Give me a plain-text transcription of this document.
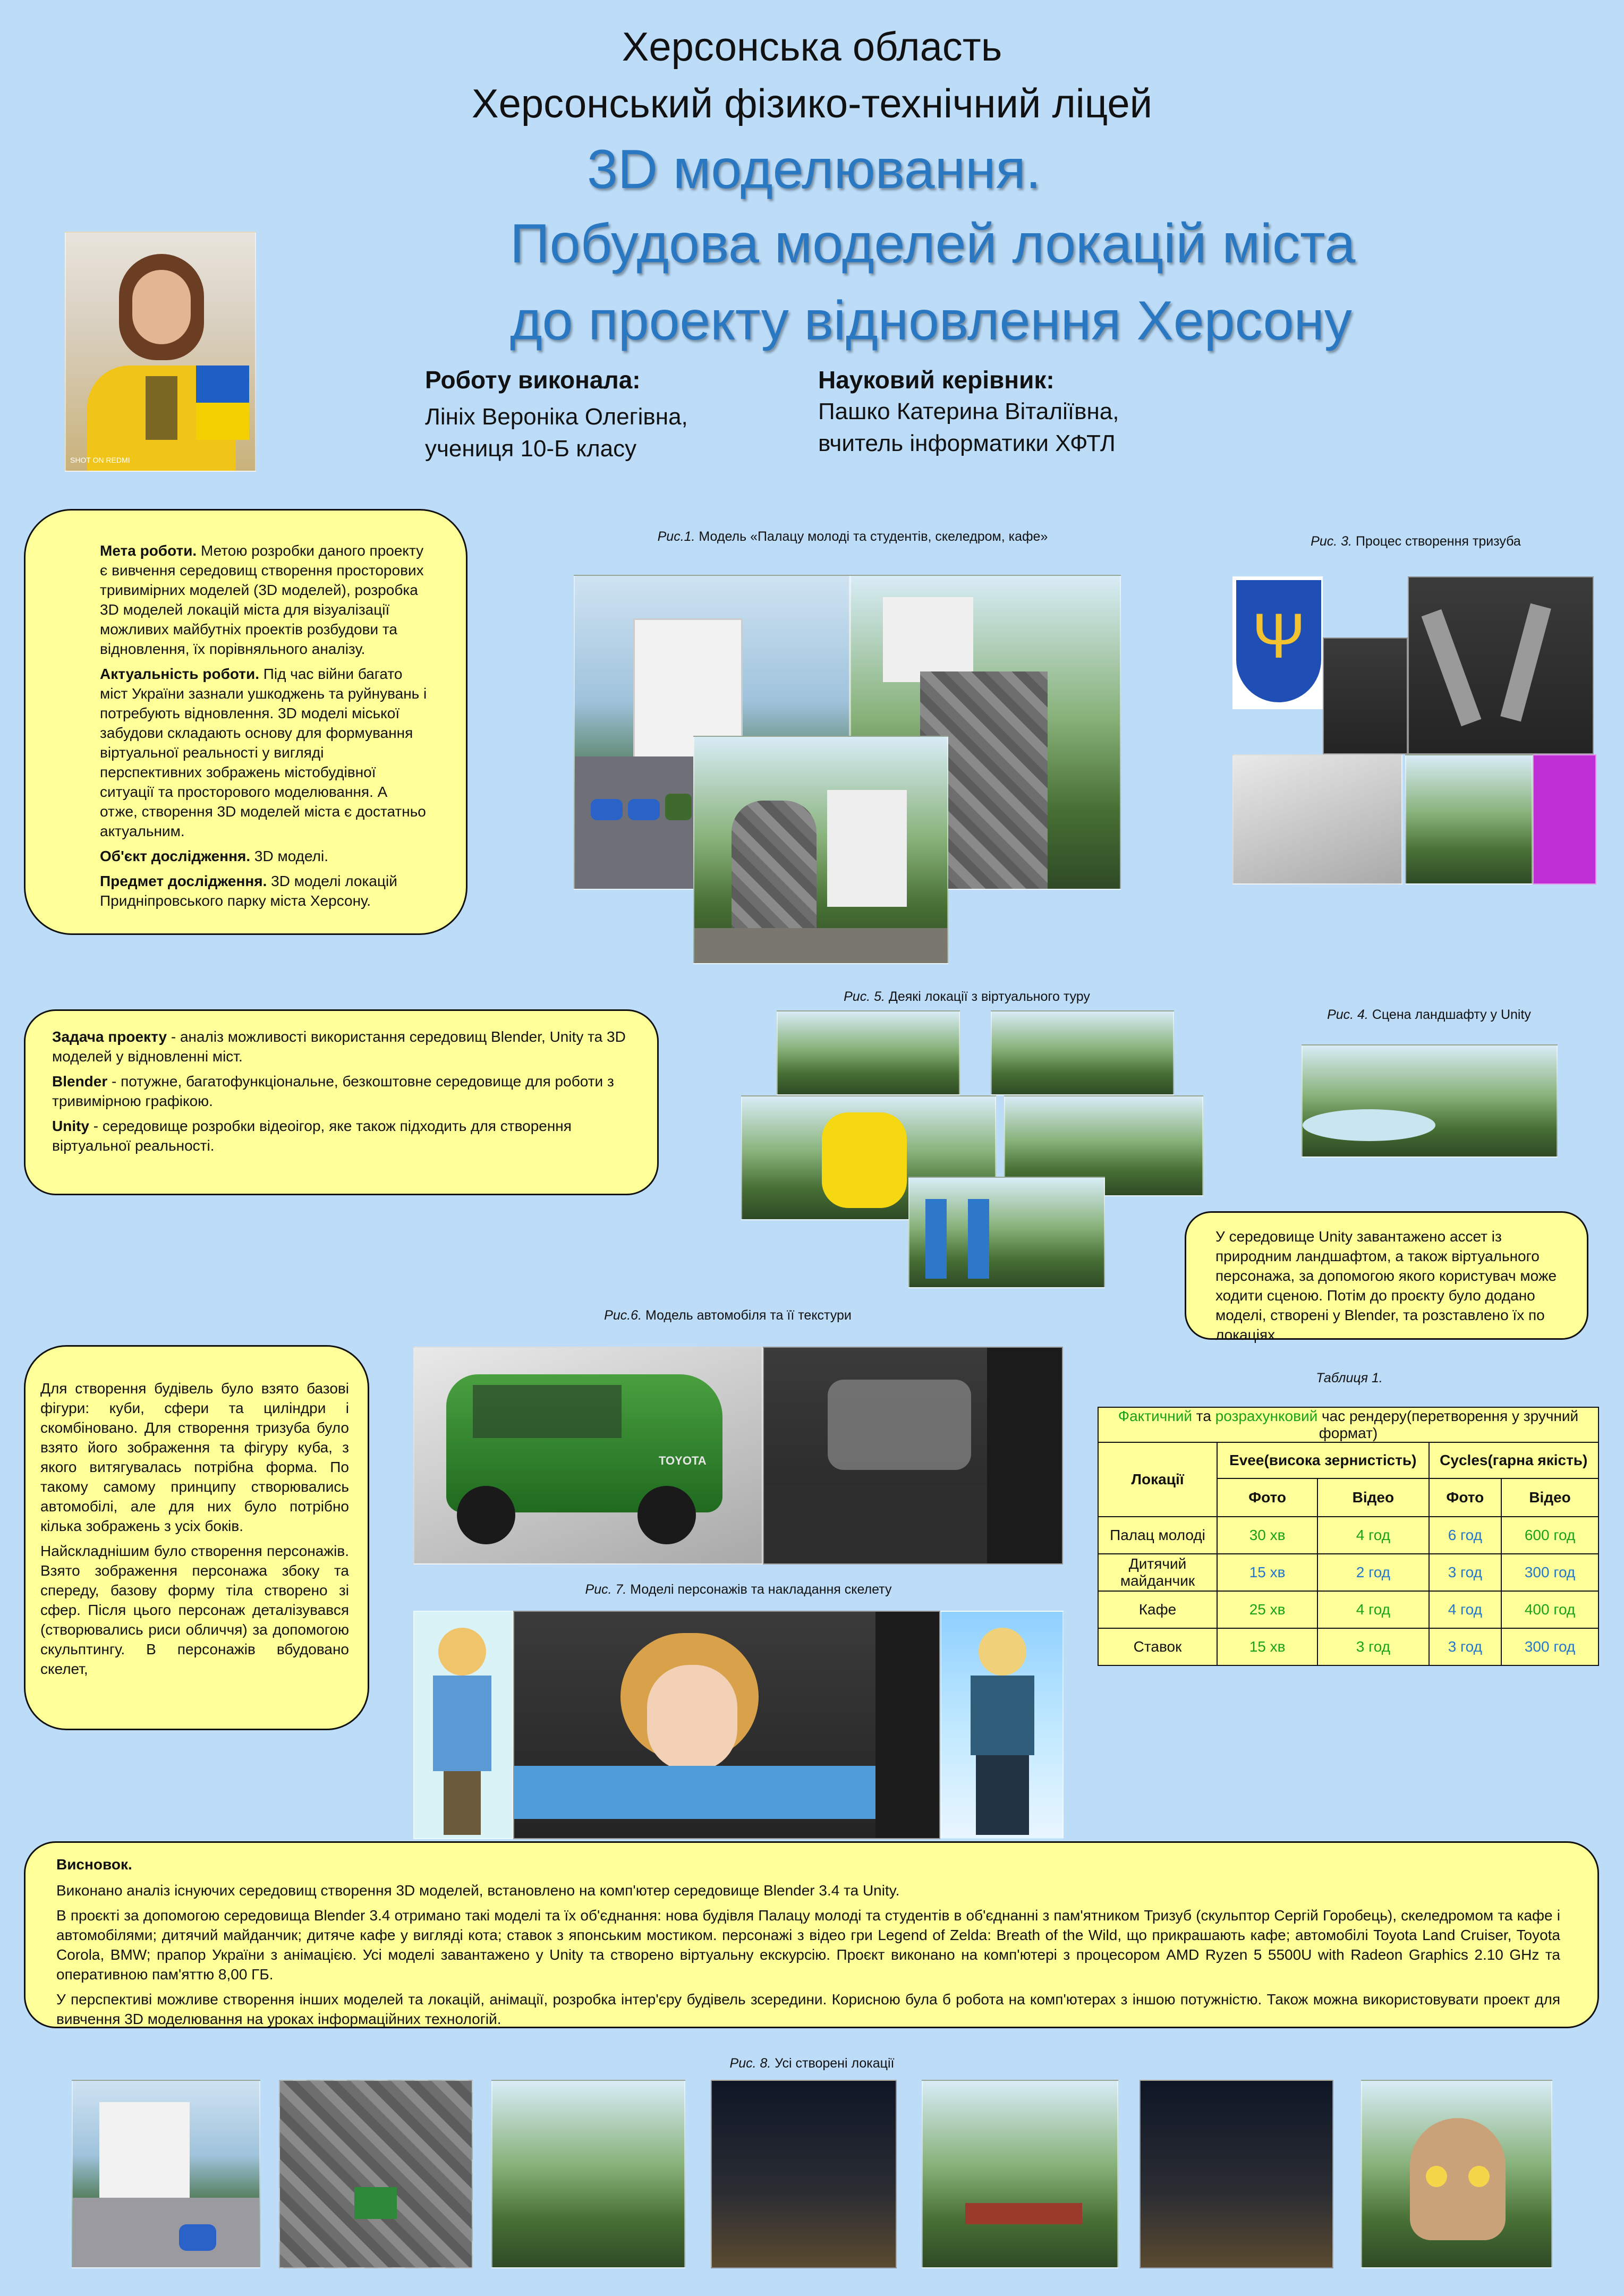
Херсонська область
Херсонський фізико-технічний ліцей
3D моделювання.
Побудова моделей локацій міста
до проекту відновлення Херсону
SHOT ON REDMI
Роботу виконала:
Лініх Вероніка Олегівна,
учениця 10-Б класу
Науковий керівник:
Пашко Катерина Віталіївна,
вчитель інформатики ХФТЛ

Мета роботи. Метою розробки даного проекту є вивчення середовищ створення просторових тривимірних моделей (3D моделей), розробка 3D моделей локацій міста для візуалізації можливих майбутніх проектів розбудови та відновлення, їх порівняльного аналізу.

Актуальність роботи. Під час війни багато міст України зазнали ушкоджень та руйнувань і потребують відновлення. 3D моделі міської забудови складають основу для формування віртуальної реальності у вигляді перспективних зображень містобудівної ситуації та просторового моделювання. А отже, створення 3D моделей міста є достатньо актуальним.

Об'єкт дослідження. 3D моделі.

Предмет дослідження. 3D моделі локацій Придніпровського парку міста Херсону.

Рис.1. Модель «Палацу молоді та студентів, скеледром, кафе»	Рис. 3. Процес створення тризуба
Ψ

Задача проекту - аналіз можливості використання середовищ Blender, Unity та 3D моделей у відновленні міст.

Blender - потужне, багатофункціональне, безкоштовне середовище для роботи з тривимірною графікою.

Unity - середовище розробки відеоігор, яке також підходить для створення віртуальної реальності.

Рис. 5. Деякі локації з віртуального туру
Рис. 4. Сцена ландшафту у Unity

У середовище Unity завантажено ассет із природним ландшафтом, а також віртуального персонажа, за допомогою якого користувач може ходити сценою. Потім до проєкту було додано моделі, створені у Blender, та розставлено їх по локаціях.

Для створення будівель було взято базові фігури: куби, сфери та циліндри і скомбіновано. Для створення тризуба було взято його зображення та фігуру куба, з якого витягувалась потрібна форма. По такому самому принципу створювались автомобілі, але для них було потрібно кілька зображень з усіх боків.

Найскладнішим було створення персонажів. Взято зображення персонажа збоку та спереду, базову форму тіла створено зі сфер. Після цього персонаж деталізувався (створювались риси обличчя) за допомогою скульптингу. В персонажів вбудовано скелет,

Рис.6. Модель автомобіля та її текстури
TOYOTA
Рис. 7. Моделі персонажів та накладання скелету
Таблиця 1.
Фактичний та розрахунковий час рендеру(перетворення у зручний формат)				
Локації	Evee(висока зернистість)		Cycles(гарна якість)	
	Фото	Відео	Фото	Відео
Палац молоді	30 хв	4 год	6 год	600 год
Дитячий майданчик	15 хв	2 год	3 год	300 год
Кафе	25 хв	4 год	4 год	400 год
Ставок	15 хв	3 год	3 год	300 год

Висновок.

Виконано аналіз існуючих середовищ створення 3D моделей, встановлено на комп'ютер середовище Blender 3.4 та Unity.

В проєкті за допомогою середовища Blender 3.4 отримано такі моделі та їх об'єднання: нова будівля Палацу молоді та студентів в об'єднанні з пам'ятником Тризуб (скульптор Сергій Горобець), скеледромом та кафе і автомобілями; дитячий майданчик; дитяче кафе у вигляді кота; ставок з японським мостиком. персонажі з відео гри Legend of Zelda: Breath of the Wild, що прикрашають кафе; автомобілі Toyota Land Cruiser, Toyota Corola, BMW; прапор України з анімацією. Усі моделі завантажено у Unity та створено віртуальну екскурсію. Проєкт виконано на комп'ютері з процесором AMD Ryzen 5 5500U with Radeon Graphics 2.10 GHz та оперативною пам'яттю 8,00 ГБ.

У перспективі можливе створення інших моделей та локацій, анімації, розробка інтер'єру будівель зсередини. Корисною була б робота на комп'ютерах з іншою потужністю. Також можна використовувати проект для вивчення 3D моделювання на уроках інформаційних технологій.

Рис. 8. Усі створені локації
